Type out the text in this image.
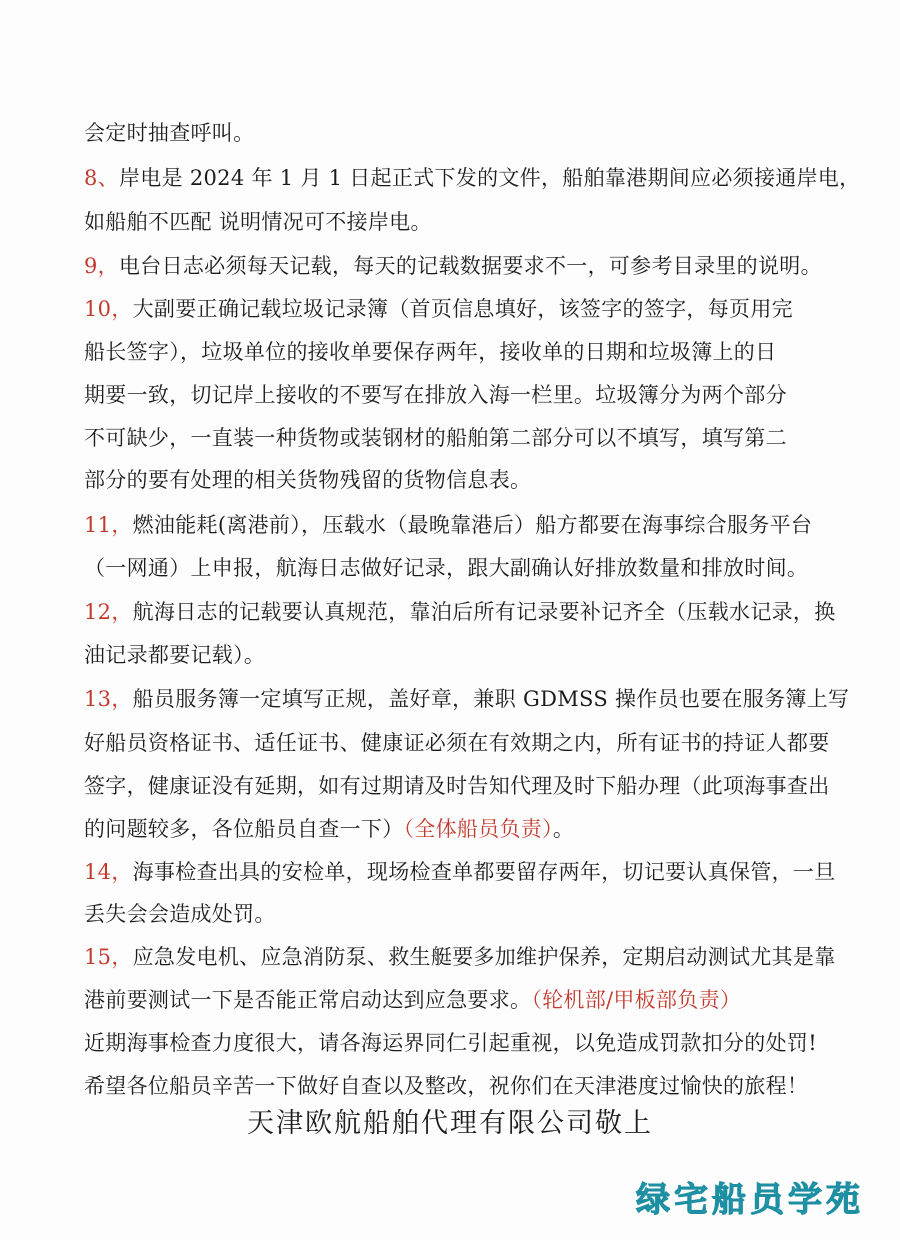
会定时抽查呼叫。
8、岸电是 2024 年 1 月 1 日起正式下发的文件，船舶靠港期间应必须接通岸电，
如船舶不匹配 说明情况可不接岸电。
9，电台日志必须每天记载，每天的记载数据要求不一，可参考目录里的说明。
10，大副要正确记载垃圾记录簿（首页信息填好，该签字的签字，每页用完
船长签字），垃圾单位的接收单要保存两年，接收单的日期和垃圾簿上的日
期要一致，切记岸上接收的不要写在排放入海一栏里。垃圾簿分为两个部分
不可缺少，一直装一种货物或装钢材的船舶第二部分可以不填写，填写第二
部分的要有处理的相关货物残留的货物信息表。
11，燃油能耗(离港前），压载水（最晚靠港后）船方都要在海事综合服务平台
（一网通）上申报，航海日志做好记录，跟大副确认好排放数量和排放时间。
12，航海日志的记载要认真规范，靠泊后所有记录要补记齐全（压载水记录，换
油记录都要记载）。
13，船员服务簿一定填写正规，盖好章，兼职 GDMSS 操作员也要在服务簿上写
好船员资格证书、适任证书、健康证必须在有效期之内，所有证书的持证人都要
签字，健康证没有延期，如有过期请及时告知代理及时下船办理（此项海事查出
的问题较多，各位船员自查一下）（全体船员负责）。
14，海事检查出具的安检单，现场检查单都要留存两年，切记要认真保管，一旦
丢失会会造成处罚。
15，应急发电机、应急消防泵、救生艇要多加维护保养，定期启动测试尤其是靠
港前要测试一下是否能正常启动达到应急要求。（轮机部/甲板部负责）
近期海事检查力度很大，请各海运界同仁引起重视，以免造成罚款扣分的处罚!
希望各位船员辛苦一下做好自查以及整改，祝你们在天津港度过愉快的旅程！
天津欧航船舶代理有限公司敬上
绿宅船员学苑
